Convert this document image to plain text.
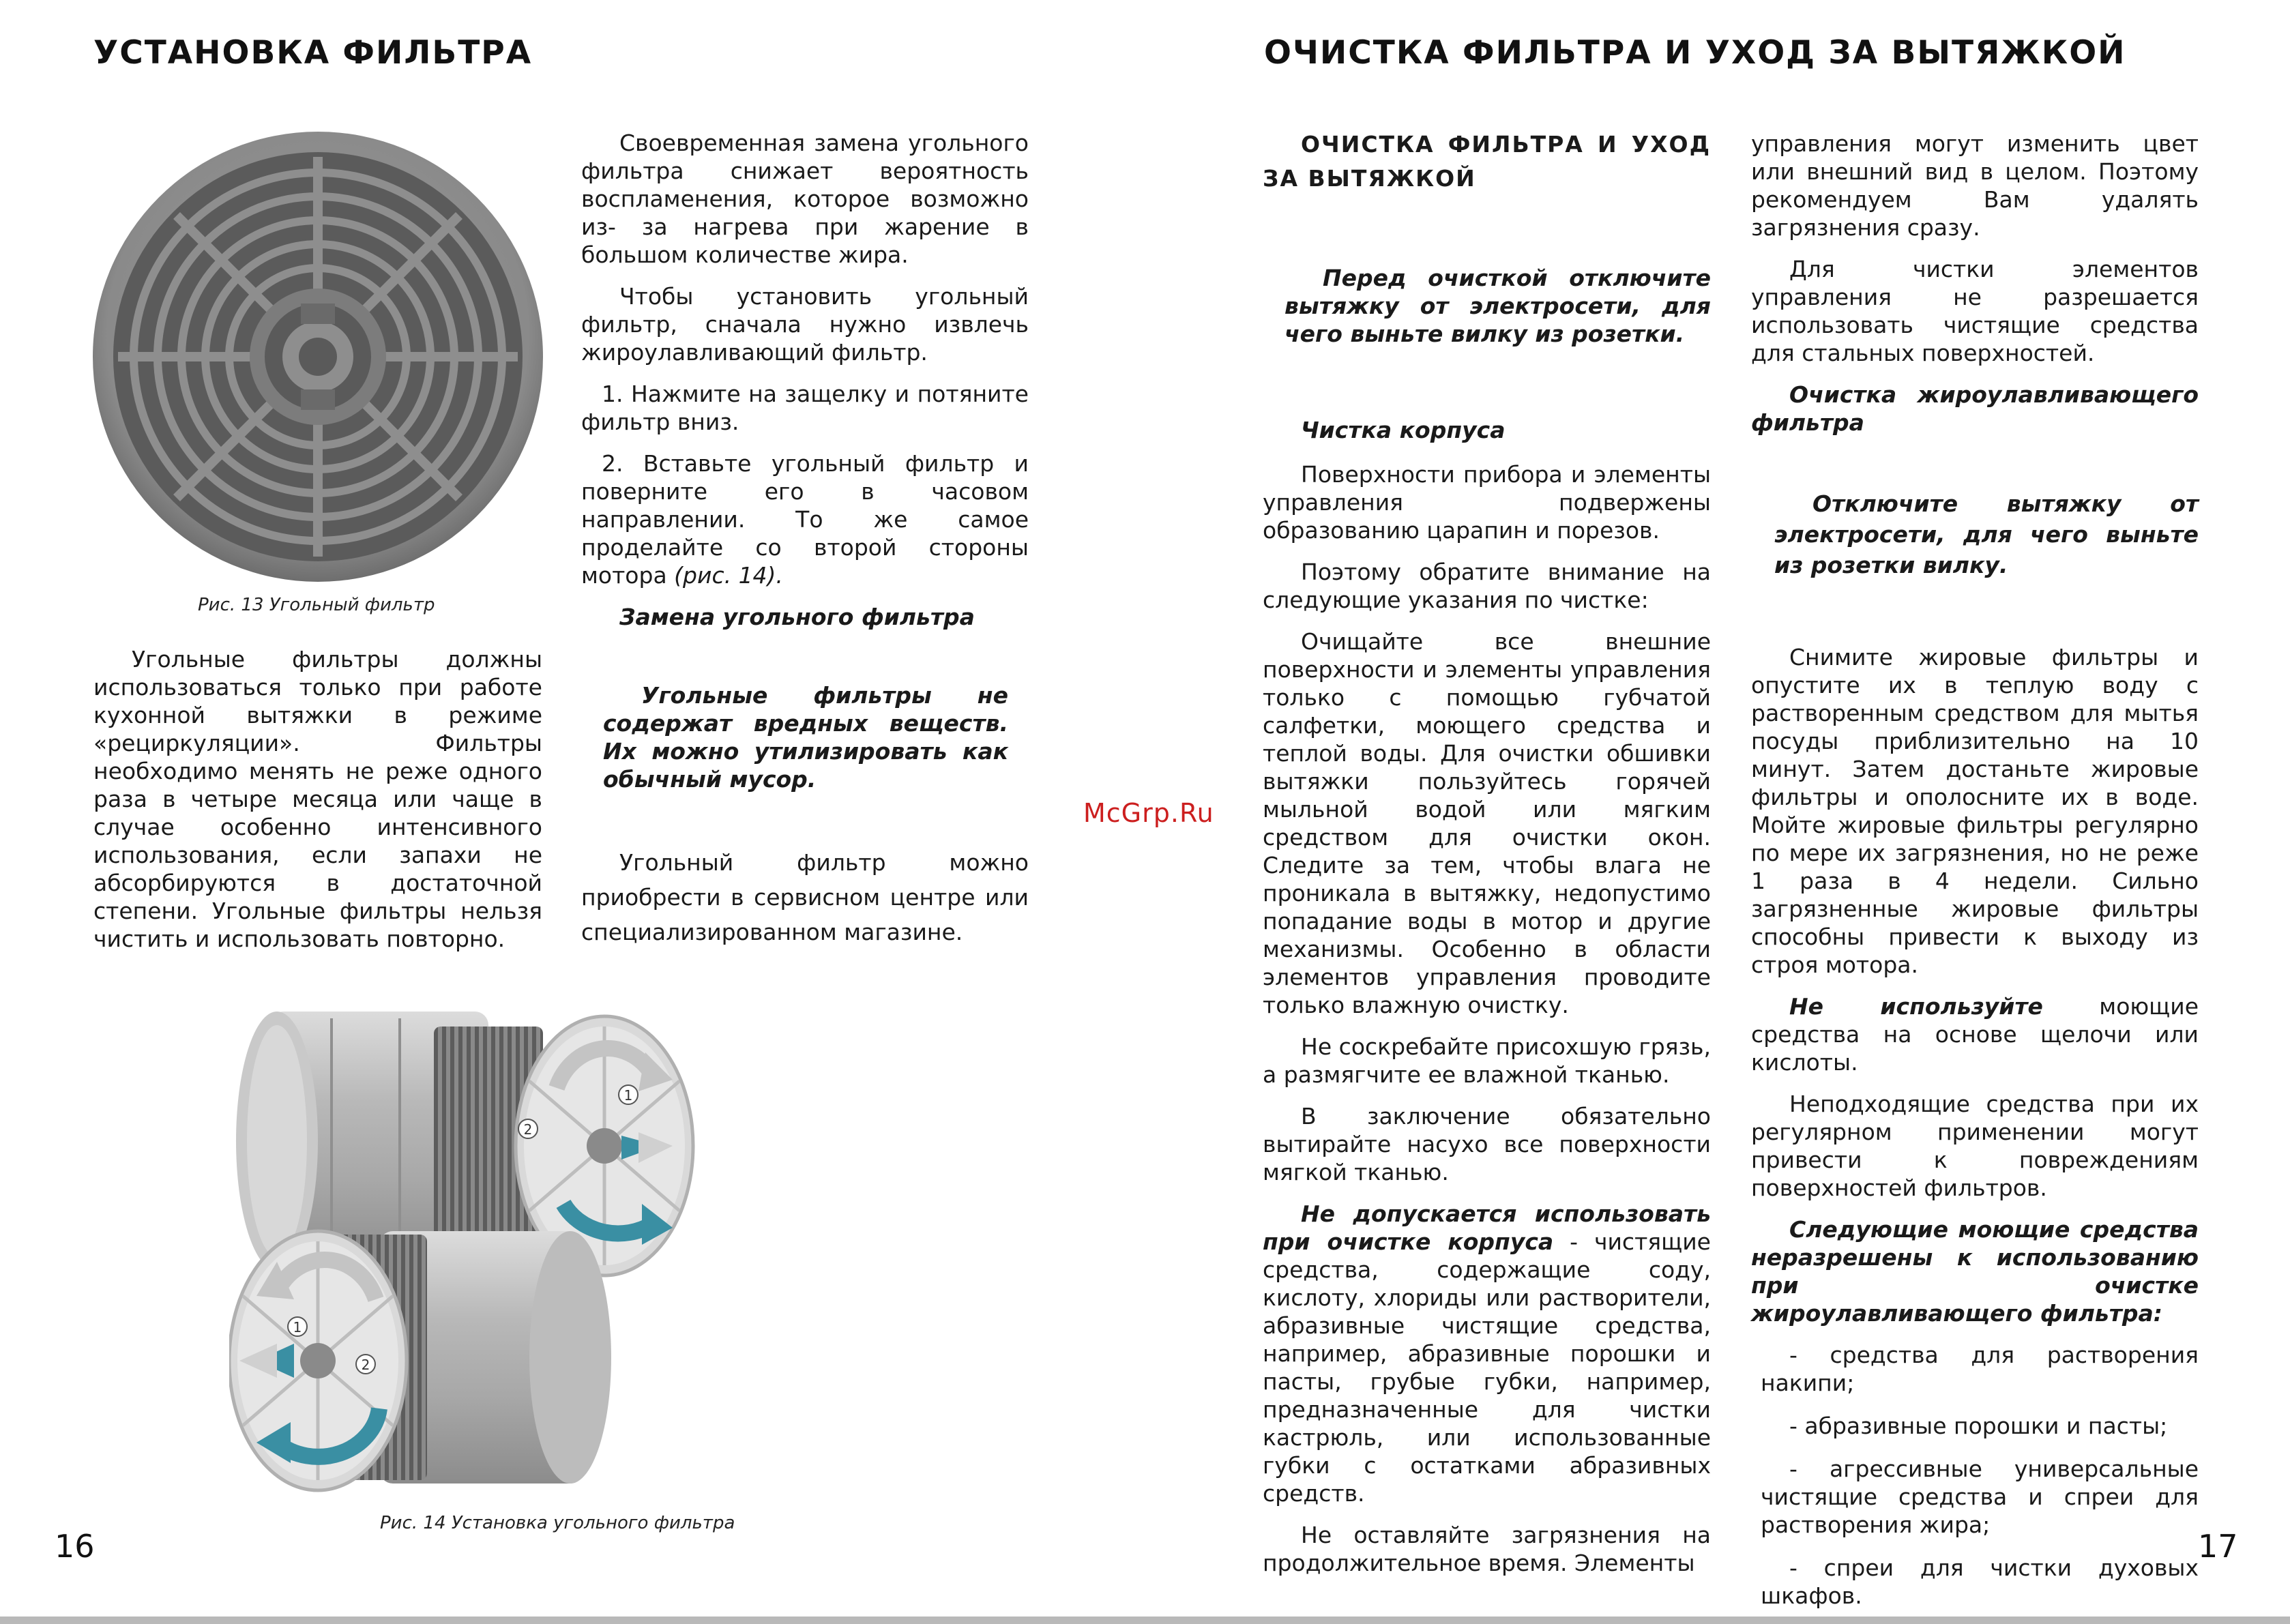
УСТАНОВКА ФИЛЬТРА
Рис. 13 Угольный фильтр

Угольные фильтры должны использоваться только при работе кухонной вытяжки в режиме «рециркуляции». Фильтры необходимо менять не реже одного раза в четыре месяца или чаще в случае особенно интенсивного использования, если запахи не абсорбируются в достаточной степени. Угольные фильтры нельзя чистить и использовать повторно.

Своевременная замена угольного фильтра снижает вероятность воспламенения, которое возможно из- за нагрева при жарение в большом количестве жира.

Чтобы установить угольный фильтр, сначала нужно извлечь жироулавливающий фильтр.

1. Нажмите на защелку и потяните фильтр вниз.

2. Вставьте угольный фильтр и поверните его в часовом направлении. То же самое проделайте со второй стороны мотора (рис. 14).

Замена угольного фильтра

Угольные фильтры не содержат вредных веществ. Их можно утилизировать как обычный мусор.

Угольный фильтр можно приобрести в сервисном центре или специализированном магазине.

1
2
1
2
Рис. 14 Установка угольного фильтра
16
McGrp.Ru
ОЧИСТКА ФИЛЬТРА И УХОД ЗА ВЫТЯЖКОЙ

ОЧИСТКА ФИЛЬТРА И УХОД ЗА ВЫТЯЖКОЙ

Перед очисткой отключите вытяжку от электросети, для чего выньте вилку из розетки.

Чистка корпуса

Поверхности прибора и элементы управления подвержены образованию царапин и порезов.

Поэтому обратите внимание на следующие указания по чистке:

Очищайте все внешние поверхности и элементы управления только с помощью губчатой салфетки, моющего средства и теплой воды. Для очистки обшивки вытяжки пользуйтесь горячей мыльной водой или мягким средством для очистки окон. Следите за тем, чтобы влага не проникала в вытяжку, недопустимо попадание воды в мотор и другие механизмы. Особенно в области элементов управления проводите только влажную очистку.

Не соскребайте присохшую грязь, а размягчите ее влажной тканью.

В заключение обязательно вытирайте насухо все поверхности мягкой тканью.

Не допускается использовать при очистке корпуса - чистящие средства, содержащие соду, кислоту, хлориды или растворители, абразивные чистящие средства, например, абразивные порошки и пасты, грубые губки, например, предназначенные для чистки кастрюль, или использованные губки с остатками абразивных средств.

Не оставляйте загрязнения на продолжительное время. Элементы

управления могут изменить цвет или внешний вид в целом. Поэтому рекомендуем Вам удалять загрязнения сразу.

Для чистки элементов управления не разрешается использовать чистящие средства для стальных поверхностей.

Очистка жироулавливающего фильтра

Отключите вытяжку от электросети, для чего выньте из розетки вилку.

Снимите жировые фильтры и опустите их в теплую воду с растворенным средством для мытья посуды приблизительно на 10 минут. Затем достаньте жировые фильтры и ополосните их в воде. Мойте жировые фильтры регулярно по мере их загрязнения, но не реже 1 раза в 4 недели. Сильно загрязненные жировые фильтры способны привести к выходу из строя мотора.

Не используйте моющие средства на основе щелочи или кислоты.

Неподходящие средства при их регулярном применении могут привести к повреждениям поверхностей фильтров.

Следующие моющие средства неразрешены к использованию при очистке жироулавливающего фильтра:

- средства для растворения накипи;

- абразивные порошки и пасты;

- агрессивные универсальные чистящие средства и спреи для растворения жира;

- спреи для чистки духовых шкафов.

17
